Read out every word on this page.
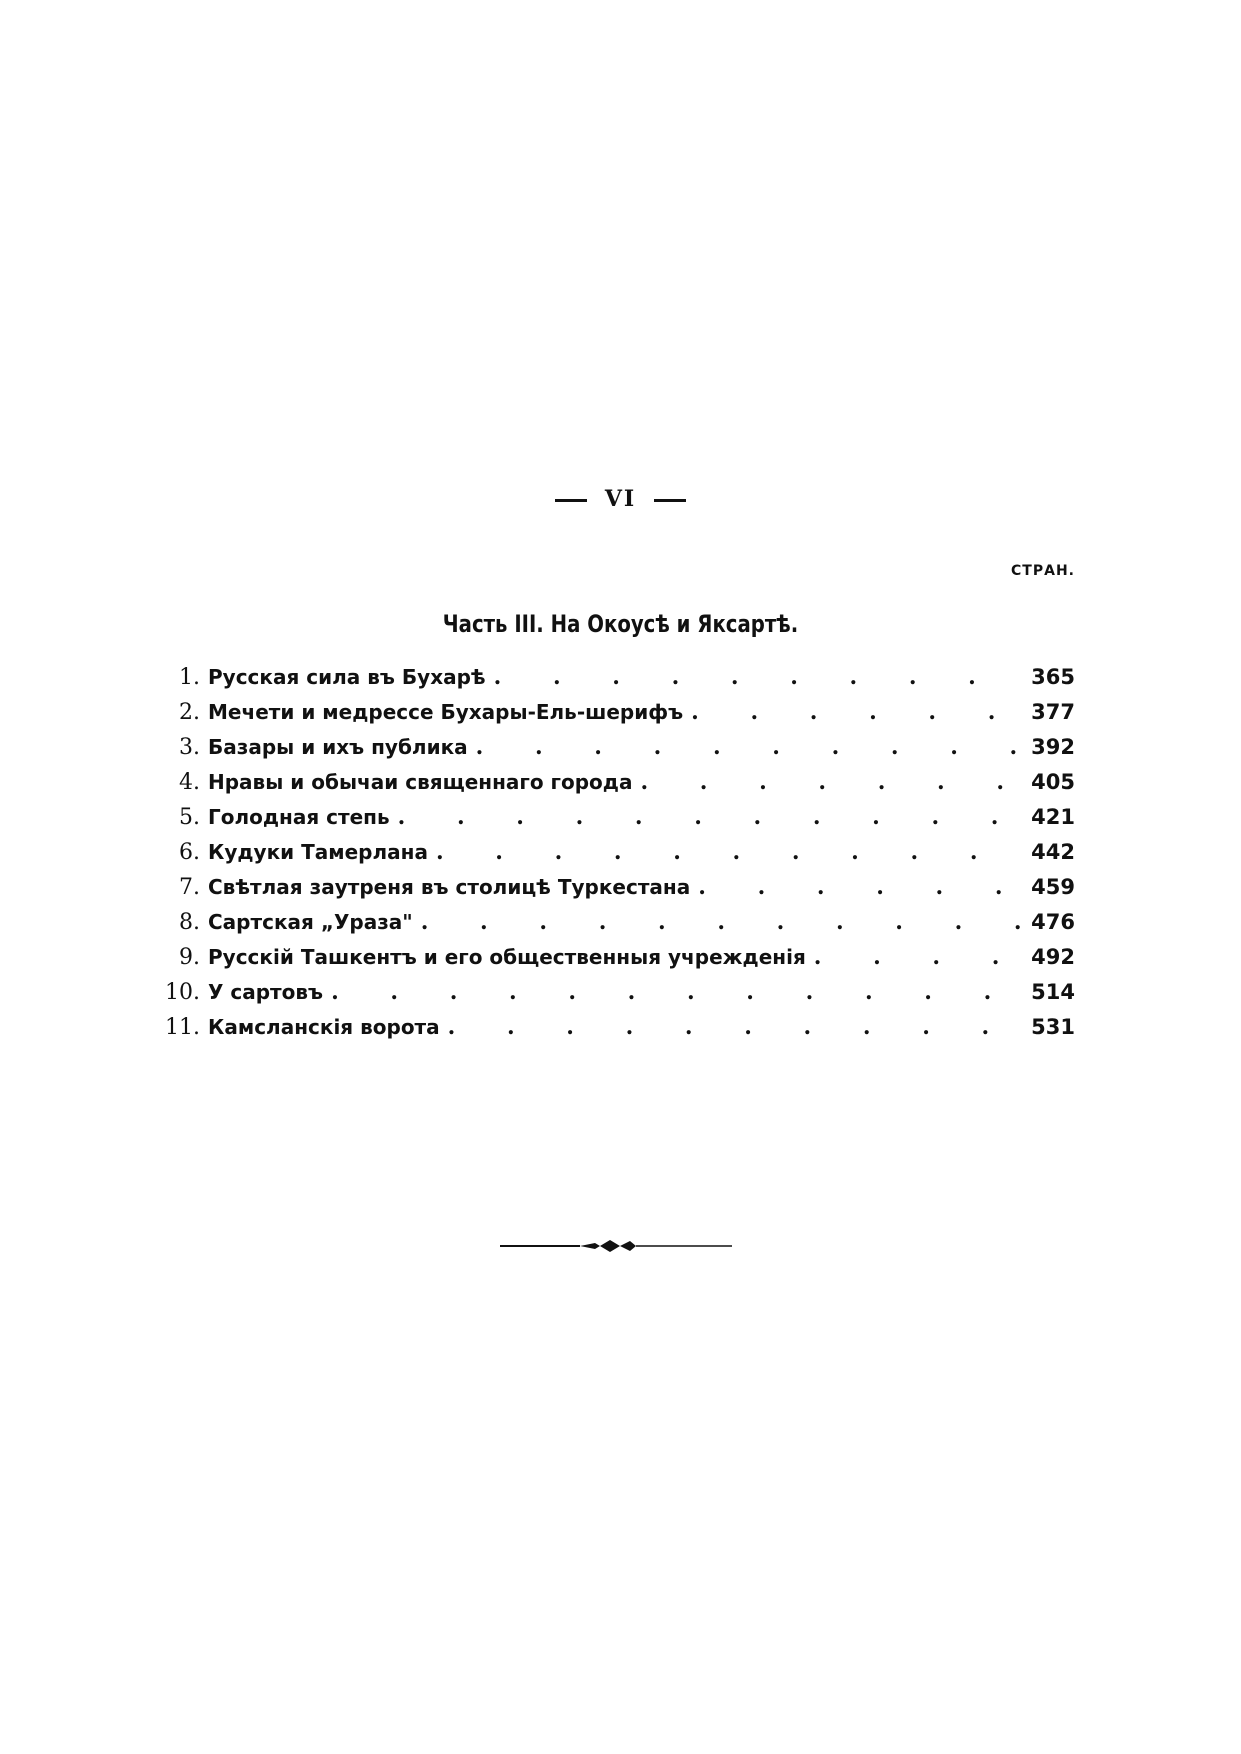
VI
СТРАН.
Часть III. На Окоусѣ и Яксартѣ.
1. Русская сила въ Бухарѣ . . .	365
2. Мечети и медрессе Бухары-Ель-шерифъ . . .	377
3. Базары и ихъ публика . . .	392
4. Нравы и обычаи священнаго города . . .	405
5. Голодная степь . . .	421
6. Кудуки Тамерлана . . .	442
7. Свѣтлая заутреня въ столицѣ Туркестана . . .	459
8. Сартская „Ураза" . . .	476
9. Русскій Ташкентъ и его общественныя учрежденія . . .	492
10. У сартовъ . . .	514
11. Камсланскія ворота . . .	531
